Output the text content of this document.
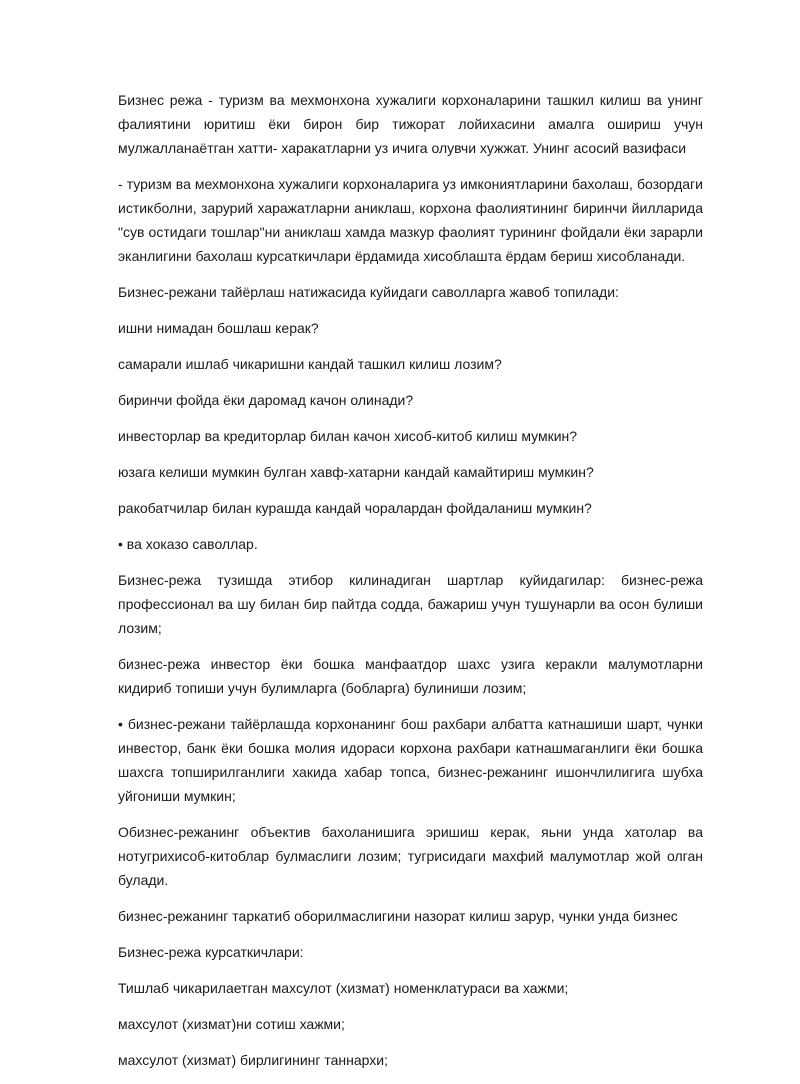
Бизнес режа - туризм ва мехмонхона хужалиги корхоналарини ташкил килиш ва унинг фалиятини юритиш ёки бирон бир тижорат лойихасини амалга ошириш учун мулжалланаётган хатти- харакатларни уз ичига олувчи хужжат. Унинг асосий вазифаси

- туризм ва мехмонхона хужалиги корхоналарига уз имкониятларини бахолаш, бозордаги истикболни, зарурий харажатларни аниклаш, корхона фаолиятининг биринчи йилларида "сув остидаги тошлар"ни аниклаш хамда мазкур фаолият турининг фойдали ёки зарарли эканлигини бахолаш курсаткичлари ёрдамида хисоблашта ёрдам бериш хисобланади.

Бизнес-режани тайёрлаш натижасида куйидаги саволларга жавоб топилади:

ишни нимадан бошлаш керак?

самарали ишлаб чикаришни кандай ташкил килиш лозим?

биринчи фойда ёки даромад качон олинади?

инвесторлар ва кредиторлар билан качон хисоб-китоб килиш мумкин?

юзага келиши мумкин булган хавф-хатарни кандай камайтириш мумкин?

ракобатчилар билан курашда кандай чоралардан фойдаланиш мумкин?

• ва хоказо саволлар.

Бизнес-режа тузишда этибор килинадиган шартлар куйидагилар: бизнес-режа профессионал ва шу билан бир пайтда содда, бажариш учун тушунарли ва осон булиши лозим;

бизнес-режа инвестор ёки бошка манфаатдор шахс узига керакли малумотларни кидириб топиши учун булимларга (бобларга) булиниши лозим;

• бизнес-режани тайёрлашда корхонанинг бош рахбари албатта катнашиши шарт, чунки инвестор, банк ёки бошка молия идораси корхона рахбари катнашмаганлиги ёки бошка шахсга топширилганлиги хакида хабар топса, бизнес-режанинг ишончлилигига шубха уйгониши мумкин;

Обизнес-режанинг объектив бахоланишига эришиш керак, яьни унда хатолар ва нотугрихисоб-китоблар булмаслиги лозим; тугрисидаги махфий малумотлар жой олган булади.

бизнес-режанинг таркатиб оборилмаслигини назорат килиш зарур, чунки унда бизнес

Бизнес-режа курсаткичлари:

Тишлаб чикарилаетган махсулот (хизмат) номенклатураси ва хажми;

махсулот (хизмат)ни сотиш хажми;

махсулот (хизмат) бирлигининг таннархи;
